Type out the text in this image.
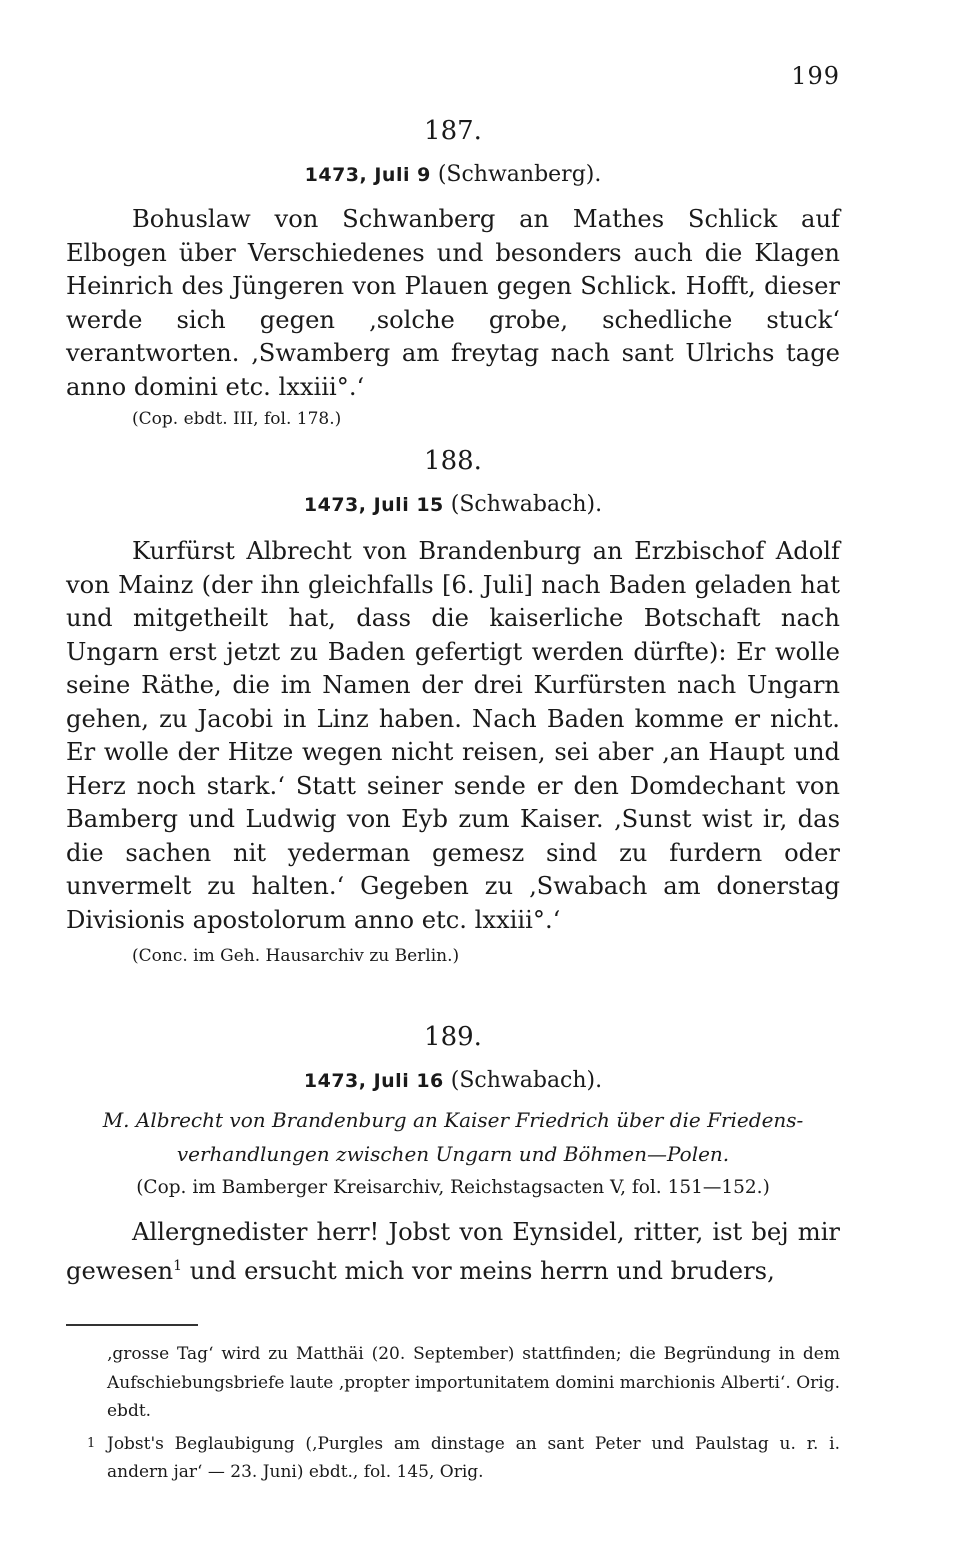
199

187.

1473, Juli 9 (Schwanberg).

Bohuslaw von Schwanberg an Mathes Schlick auf Elbogen über Verschiedenes und besonders auch die Klagen Heinrich des Jüngeren von Plauen gegen Schlick. Hofft, dieser werde sich gegen ‚solche grobe, schedliche stuck‘ verantworten. ‚Swamberg am freytag nach sant Ulrichs tage anno domini etc. lxxiii°.‘

(Cop. ebdt. III, fol. 178.)

188.

1473, Juli 15 (Schwabach).

Kurfürst Albrecht von Brandenburg an Erzbischof Adolf von Mainz (der ihn gleichfalls [6. Juli] nach Baden geladen hat und mitgetheilt hat, dass die kaiserliche Botschaft nach Ungarn erst jetzt zu Baden gefertigt werden dürfte): Er wolle seine Räthe, die im Namen der drei Kurfürsten nach Ungarn gehen, zu Jacobi in Linz haben. Nach Baden komme er nicht. Er wolle der Hitze wegen nicht reisen, sei aber ‚an Haupt und Herz noch stark.‘ Statt seiner sende er den Domdechant von Bamberg und Ludwig von Eyb zum Kaiser. ‚Sunst wist ir, das die sachen nit yederman gemesz sind zu furdern oder unvermelt zu halten.‘ Gegeben zu ‚Swabach am donerstag Divisionis apostolorum anno etc. lxxiii°.‘

(Conc. im Geh. Hausarchiv zu Berlin.)

189.

1473, Juli 16 (Schwabach).

M. Albrecht von Brandenburg an Kaiser Friedrich über die Friedens-

verhandlungen zwischen Ungarn und Böhmen—Polen.

(Cop. im Bamberger Kreisarchiv, Reichstagsacten V, fol. 151—152.)

Allergnedister herr! Jobst von Eynsidel, ritter, ist bej mir gewesen$^1$ und ersucht mich vor meins herrn und bruders,

‚grosse Tag‘ wird zu Matthäi (20. September) stattfinden; die Begründung in dem Aufschiebungsbriefe laute ‚propter importunitatem domini marchionis Alberti‘. Orig. ebdt.

1 Jobst's Beglaubigung (‚Purgles am dinstage an sant Peter und Paulstag u. r. i. andern jar‘ — 23. Juni) ebdt., fol. 145, Orig.
